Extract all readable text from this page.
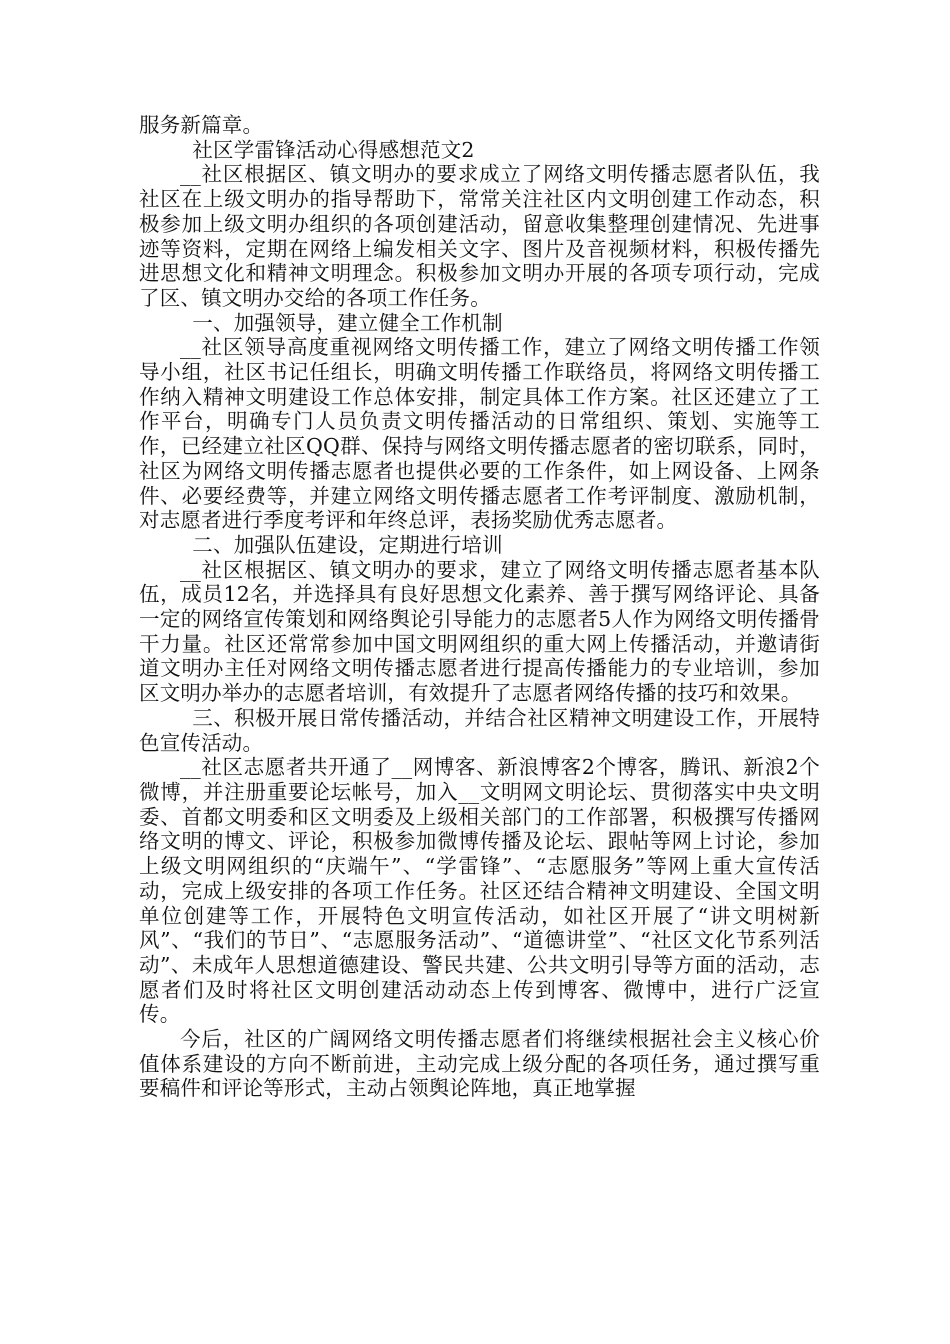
服务新篇章。

社区学雷锋活动心得感想范文2

__社区根据区、镇文明办的要求成立了网络文明传播志愿者队伍，我社区在上级文明办的指导帮助下，常常关注社区内文明创建工作动态，积极参加上级文明办组织的各项创建活动，留意收集整理创建情况、先进事迹等资料，定期在网络上编发相关文字、图片及音视频材料，积极传播先进思想文化和精神文明理念。积极参加文明办开展的各项专项行动，完成了区、镇文明办交给的各项工作任务。

一、加强领导，建立健全工作机制

__社区领导高度重视网络文明传播工作，建立了网络文明传播工作领导小组，社区书记任组长，明确文明传播工作联络员，将网络文明传播工作纳入精神文明建设工作总体安排，制定具体工作方案。社区还建立了工作平台，明确专门人员负责文明传播活动的日常组织、策划、实施等工作，已经建立社区QQ群、保持与网络文明传播志愿者的密切联系，同时，社区为网络文明传播志愿者也提供必要的工作条件，如上网设备、上网条件、必要经费等，并建立网络文明传播志愿者工作考评制度、激励机制，对志愿者进行季度考评和年终总评，表扬奖励优秀志愿者。

二、加强队伍建设，定期进行培训

__社区根据区、镇文明办的要求，建立了网络文明传播志愿者基本队伍，成员12名，并选择具有良好思想文化素养、善于撰写网络评论、具备一定的网络宣传策划和网络舆论引导能力的志愿者5人作为网络文明传播骨干力量。社区还常常参加中国文明网组织的重大网上传播活动，并邀请街道文明办主任对网络文明传播志愿者进行提高传播能力的专业培训，参加区文明办举办的志愿者培训，有效提升了志愿者网络传播的技巧和效果。

三、积极开展日常传播活动，并结合社区精神文明建设工作，开展特色宣传活动。

__社区志愿者共开通了__网博客、新浪博客2个博客，腾讯、新浪2个微博，并注册重要论坛帐号，加入__文明网文明论坛、贯彻落实中央文明委、首都文明委和区文明委及上级相关部门的工作部署，积极撰写传播网络文明的博文、评论，积极参加微博传播及论坛、跟帖等网上讨论，参加上级文明网组织的“庆端午”、“学雷锋”、“志愿服务”等网上重大宣传活动，完成上级安排的各项工作任务。社区还结合精神文明建设、全国文明单位创建等工作，开展特色文明宣传活动，如社区开展了“讲文明树新风”、“我们的节日”、“志愿服务活动”、“道德讲堂”、“社区文化节系列活动”、未成年人思想道德建设、警民共建、公共文明引导等方面的活动，志愿者们及时将社区文明创建活动动态上传到博客、微博中，进行广泛宣传。

今后，社区的广阔网络文明传播志愿者们将继续根据社会主义核心价值体系建设的方向不断前进，主动完成上级分配的各项任务，通过撰写重要稿件和评论等形式，主动占领舆论阵地，真正地掌握
